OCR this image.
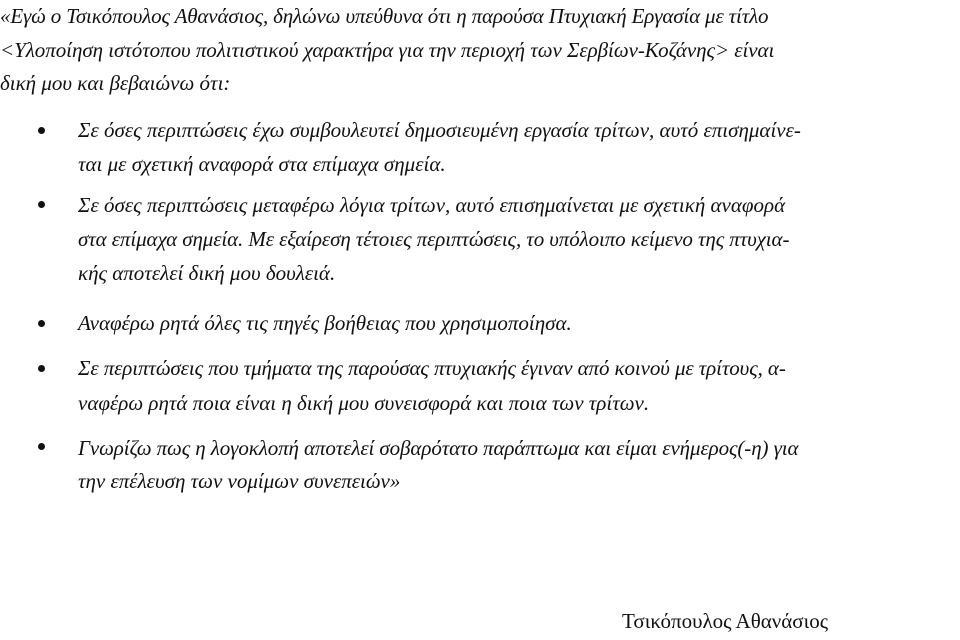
«Εγώ ο Τσικόπουλος Αθανάσιος, δηλώνω υπεύθυνα ότι η παρούσα Πτυχιακή Εργασία με τίτλο
<Υλοποίηση ιστότοπου πολιτιστικού χαρακτήρα για την περιοχή των Σερβίων-Κοζάνης> είναι
δική μου και βεβαιώνω ότι:
Σε όσες περιπτώσεις έχω συμβουλευτεί δημοσιευμένη εργασία τρίτων, αυτό επισημαίνε-
ται με σχετική αναφορά στα επίμαχα σημεία.
Σε όσες περιπτώσεις μεταφέρω λόγια τρίτων, αυτό επισημαίνεται με σχετική αναφορά
στα επίμαχα σημεία. Με εξαίρεση τέτοιες περιπτώσεις, το υπόλοιπο κείμενο της πτυχια-
κής αποτελεί δική μου δουλειά.
Αναφέρω ρητά όλες τις πηγές βοήθειας που χρησιμοποίησα.
Σε περιπτώσεις που τμήματα της παρούσας πτυχιακής έγιναν από κοινού με τρίτους, α-
ναφέρω ρητά ποια είναι η δική μου συνεισφορά και ποια των τρίτων.
Γνωρίζω πως η λογοκλοπή αποτελεί σοβαρότατο παράπτωμα και είμαι ενήμερος(-η) για
την επέλευση των νομίμων συνεπειών»
Τσικόπουλος Αθανάσιος
